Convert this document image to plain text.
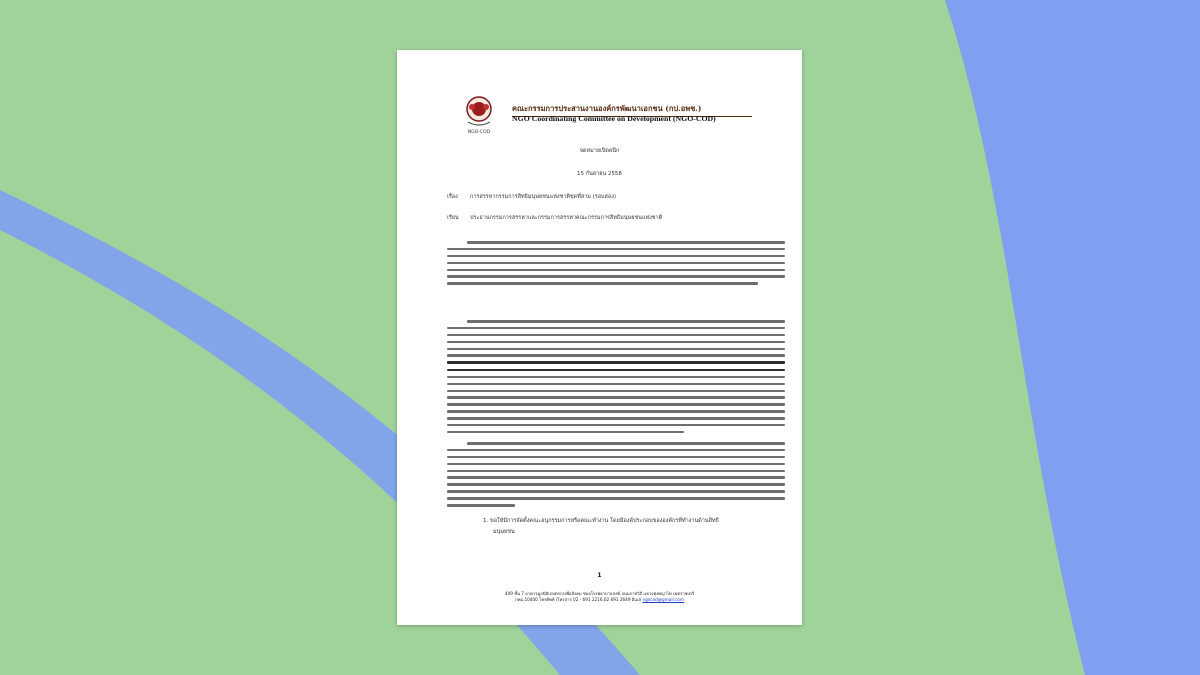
NGO-COD
คณะกรรมการประสานงานองค์กรพัฒนาเอกชน (กป.อพช.)
NGO Coordinating Committee on Development (NGO-COD)
จดหมายเปิดผนึก
15 กันยายน 2558
เรื่อง การสรรหากรรมการสิทธิมนุษยชนแห่งชาติชุดที่สาม (รอบสอง)
เรียน ประธานกรรมการสรรหาและกรรมการสรรหาคณะกรรมการสิทธิมนุษยชนแห่งชาติ
1. ขอให้มีการจัดตั้งคณะอนุกรรมการหรือคณะทำงาน โดยมีองค์ประกอบขององค์กรที่ทำงานด้านสิทธิ
มนุษยชน
1
409 ชั้น 7 อาคารมูลนิธิเกษตรกรเพื่อสังคม ซอยโรงพยาบาลสงฆ์ ถนนราชวิถี แขวงทุ่งพญาไท เขตราชเทวี
กทม.10400 โทรศัพท์ /โทรสาร 02 - 691 2216,02 691 2649 อีเมล์ ngocod@gmail.com
